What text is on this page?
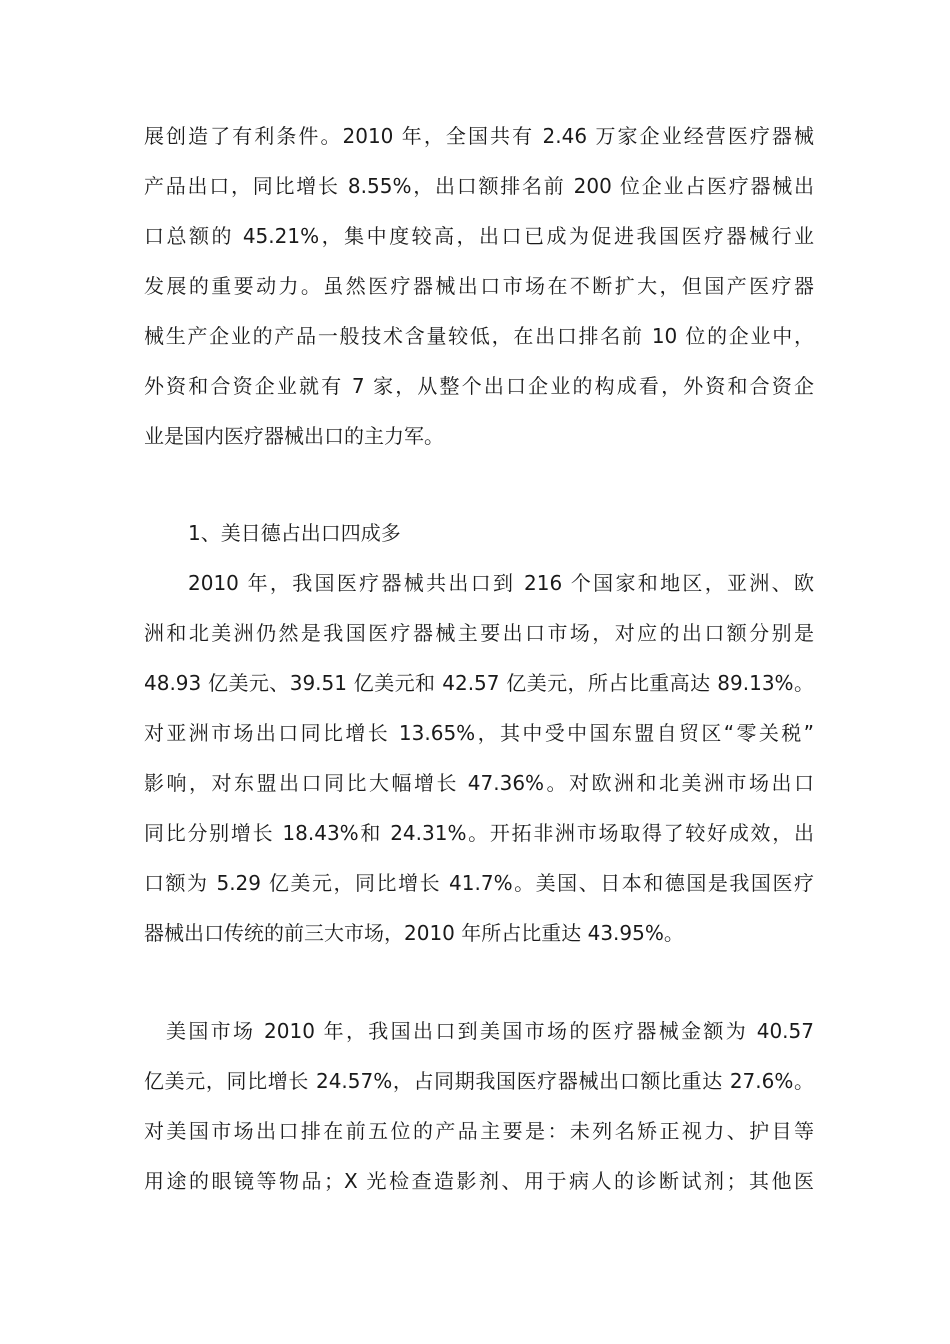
展创造了有利条件。2010 年，全国共有 2.46 万家企业经营医疗器械
产品出口，同比增长 8.55%，出口额排名前 200 位企业占医疗器械出
口总额的 45.21%，集中度较高，出口已成为促进我国医疗器械行业
发展的重要动力。虽然医疗器械出口市场在不断扩大，但国产医疗器
械生产企业的产品一般技术含量较低，在出口排名前 10 位的企业中，
外资和合资企业就有 7 家，从整个出口企业的构成看，外资和合资企
业是国内医疗器械出口的主力军。
1、美日德占出口四成多
2010 年，我国医疗器械共出口到 216 个国家和地区，亚洲、欧
洲和北美洲仍然是我国医疗器械主要出口市场，对应的出口额分别是
48.93 亿美元、39.51 亿美元和 42.57 亿美元，所占比重高达 89.13%。
对亚洲市场出口同比增长 13.65%，其中受中国东盟自贸区“零关税”
影响，对东盟出口同比大幅增长 47.36%。对欧洲和北美洲市场出口
同比分别增长 18.43%和 24.31%。开拓非洲市场取得了较好成效，出
口额为 5.29 亿美元，同比增长 41.7%。美国、日本和德国是我国医疗
器械出口传统的前三大市场，2010 年所占比重达 43.95%。
美国市场 2010 年，我国出口到美国市场的医疗器械金额为 40.57
亿美元，同比增长 24.57%，占同期我国医疗器械出口额比重达 27.6%。
对美国市场出口排在前五位的产品主要是：未列名矫正视力、护目等
用途的眼镜等物品；X 光检查造影剂、用于病人的诊断试剂；其他医
